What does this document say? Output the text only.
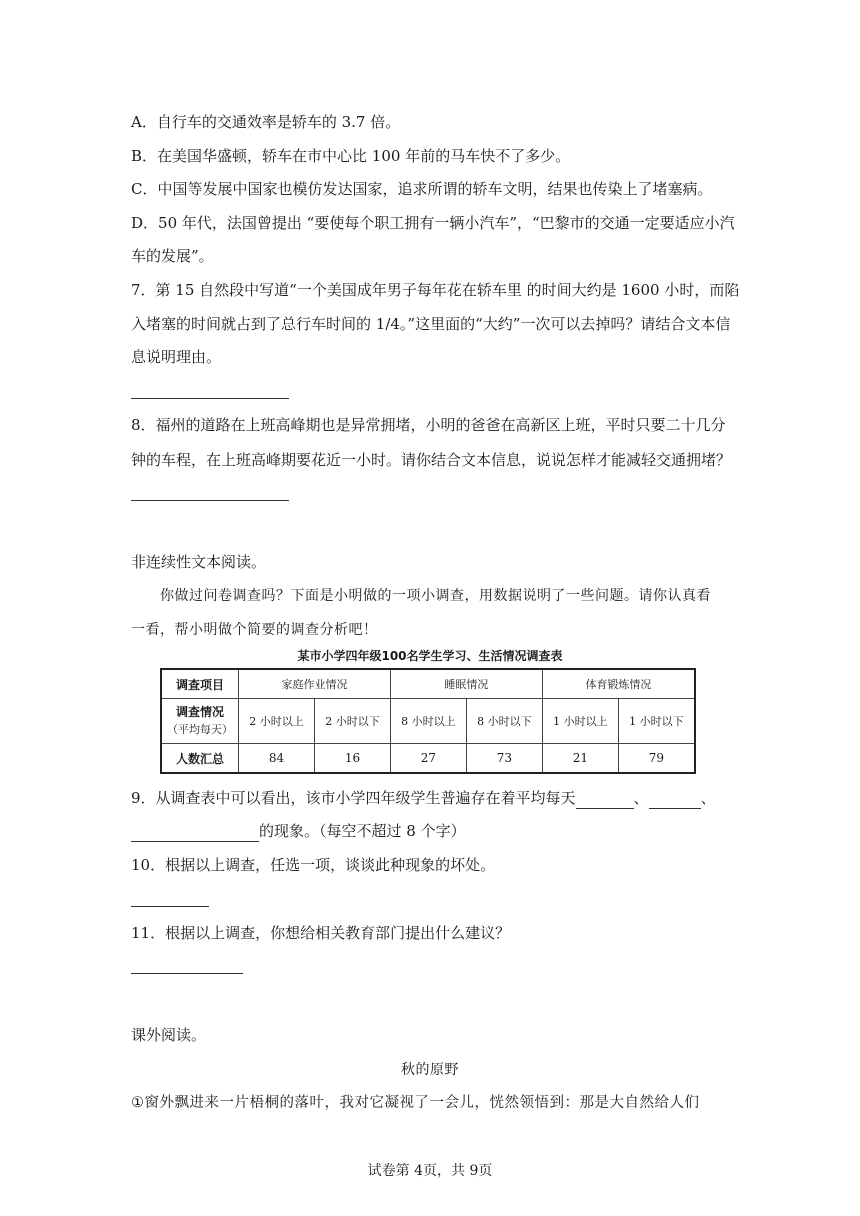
A．自行车的交通效率是轿车的 3.7 倍。
B．在美国华盛顿，轿车在市中心比 100 年前的马车快不了多少。
C．中国等发展中国家也模仿发达国家，追求所谓的轿车文明，结果也传染上了堵塞病。
D．50 年代，法国曾提出 “要使每个职工拥有一辆小汽车”，“巴黎市的交通一定要适应小汽
车的发展”。
7．第 15 自然段中写道“一个美国成年男子每年花在轿车里 的时间大约是 1600 小时，而陷
入堵塞的时间就占到了总行车时间的 1/4。”这里面的“大约”一次可以去掉吗？请结合文本信
息说明理由。
8．福州的道路在上班高峰期也是异常拥堵，小明的爸爸在高新区上班，平时只要二十几分
钟的车程，在上班高峰期要花近一小时。请你结合文本信息，说说怎样才能减轻交通拥堵？
非连续性文本阅读。
你做过问卷调查吗？下面是小明做的一项小调查，用数据说明了一些问题。请你认真看
一看，帮小明做个简要的调查分析吧！
某市小学四年级100名学生学习、生活情况调查表
调查项目	家庭作业情况		睡眠情况		体育锻炼情况	

调查情况
（平均每天）	2 小时以上	2 小时以下	8 小时以上	8 小时以下	1 小时以上	1 小时以下
人数汇总	84	16	27	73	21	79
9．从调查表中可以看出，该市小学四年级学生普遍存在着平均每天	、	、
的现象。（每空不超过 8 个字）
10．根据以上调查，任选一项，谈谈此种现象的坏处。
11．根据以上调查，你想给相关教育部门提出什么建议？
课外阅读。
秋的原野
①窗外飘进来一片梧桐的落叶，我对它凝视了一会儿，恍然领悟到：那是大自然给人们
试卷第 4页，共 9页
